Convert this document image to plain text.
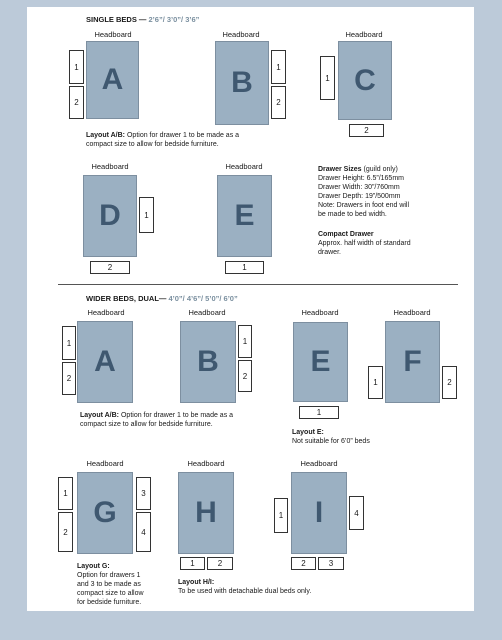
SINGLE BEDS — 2’6”/ 3’0”/ 3’6”
Headboard
A
1
2
Headboard
B	1
2
Headboard
C
1
2
Layout A/B: Option for drawer 1 to be made as a
compact size to allow for bedside furniture.
Headboard
D	1
2
Headboard
E
1
Drawer Sizes (guild only)
Drawer Height: 6.5”/165mm
Drawer Width: 30”/760mm
Drawer Depth: 19”/500mm
Note: Drawers in foot end will
be made to bed width.
Compact Drawer
Approx. half width of standard
drawer.
WIDER BEDS, DUAL— 4’0”/ 4’6”/ 5’0”/ 6’0”
Headboard
A
1
2
Headboard
B
1
2
Headboard
E
1
Headboard
F
1	2
Layout A/B: Option for drawer 1 to be made as a
compact size to allow for bedside furniture.
Layout E:
Not suitable for 6’0” beds
Headboard
G
1
2
3
4
Layout G:
Option for drawers 1
and 3 to be made as
compact size to allow
for bedside furniture.
Headboard
H
1	2
Headboard
I
1	4
2	3
Layout H/I:
To be used with detachable dual beds only.
